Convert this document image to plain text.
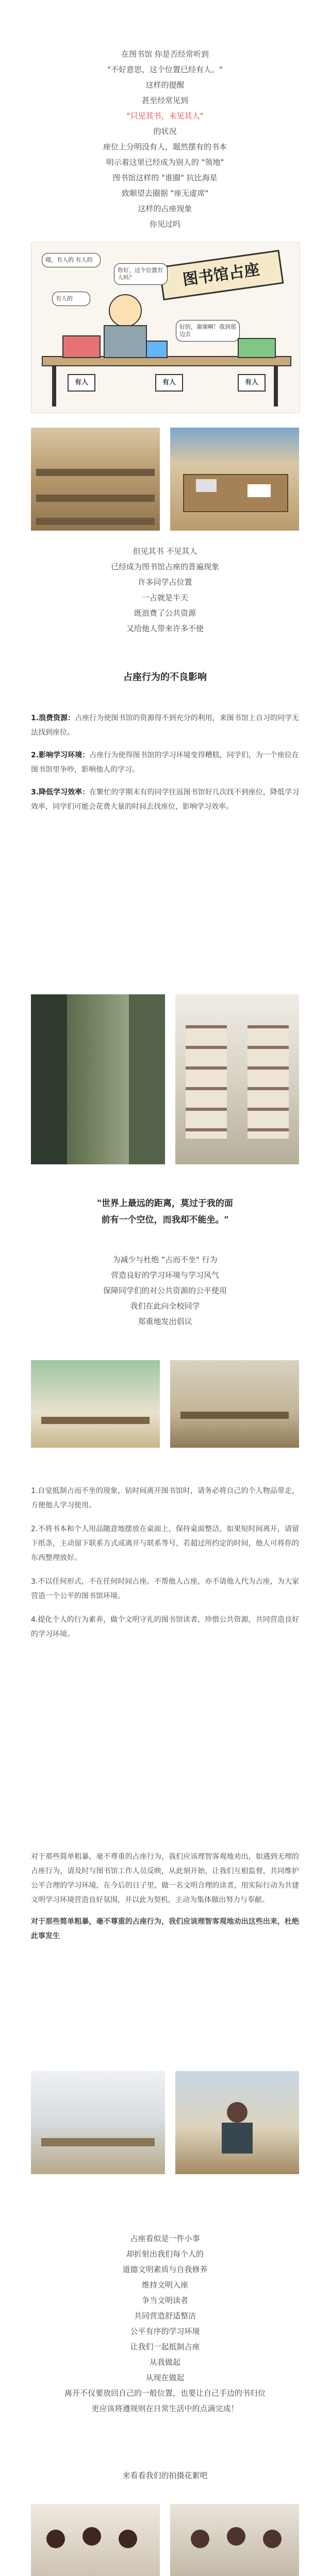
在图书馆 你是否经常听到
"不好意思，这个位置已经有人。"
这样的提醒
甚至经常见到
"只见其书，未见其人"
的状况
座位上分明没有人，题然摆有的书本
明示着这里已经成为别人的 "领地"
图书馆这样的 "谁圈" 抗比海星
致顺望去圈据 "座无虚席"
这样的占座现象
你见过吗
图书馆占座
你好，这个位置有人吗？
好的，谢谢啊！我到那边去
哦，有人的 有人的
有人的
有人	有人	有人
但见其书 不见其人
已经成为图书馆占座的普遍现象
许多同学占位置
一占就是半天
既浪费了公共资源
又给他人带来许多不便
占座行为的不良影响

1.浪费资源：占座行为使图书馆的资源得不到充分的利用，来图书馆上自习的同学无法找到座位。

2.影响学习环境：占座行为使得图书馆的学习环境变得糟糕，同学们，为一个座位在图书馆里争吵，影响他人的学习。

3.降低学习效率：在繁忙的学期末有的同学往返图书馆好几次找不到座位，降低学习效率，同学们可能会花费大量的时间去找座位，影响学习效率。

"世界上最远的距离，莫过于我的面
前有一个空位，而我却不能坐。"
为减少与杜绝 "占而不坐" 行为
营造良好的学习环境与学习风气
保障同学们的对公共资源的公平使用
我们在此向全校同学
郑重地发出倡议

1.自觉抵制占而不坐的现象，钻时间离开图书馆时，请务必将自己的个人物品带走，方便他人学习使用。

2.不将书本和个人用品随意地摆放在桌面上，保持桌面整洁，如果短时间离开，请留下纸条，主动留下联系方式或离开与联系等号，若超过所约定的时间，他人可将你的东西整理放好。

3.不以任何形式，不在任何时间占座。不帮他人占座，亦不请他人代为占座，为大家营造一个公平的图书馆环境。

4.提化个人的行为素养，做个文明守礼的图书馆读者，珍惜公共资源，共同营造良好的学习环境。

对于那些简单粗暴，毫不尊重的占座行为，我们应该理智客观地劝出，如遇到无理的占座行为，请及时与图书馆工作人员反映，从此刻开始，让我们互相监督，共同维护公平合理的学习环境，在今后的日子里，做一名文明合理的读者，用实际行动为共建文明学习环境营造良好氛围，并以此为契机，主动为集体做出努力与奉献。

对于那些简单粗暴，毫不尊重的占座行为，我们应该理智客观地劝出这些出来，杜绝此事发生

占座看似是一件小事
却折射出我们每个人的
道德文明素质与自我修养
维持文明入座
争当文明读者
共同营造舒适整洁
公平有序的学习环境
让我们一起抵制占座
从我做起
从现在做起
离开不仅要放回自己的一般位置，也要让自己手边的书归位
更应该将遵规则在日常生活中的点滴完成！
来看看我们的拍摄花絮吧
